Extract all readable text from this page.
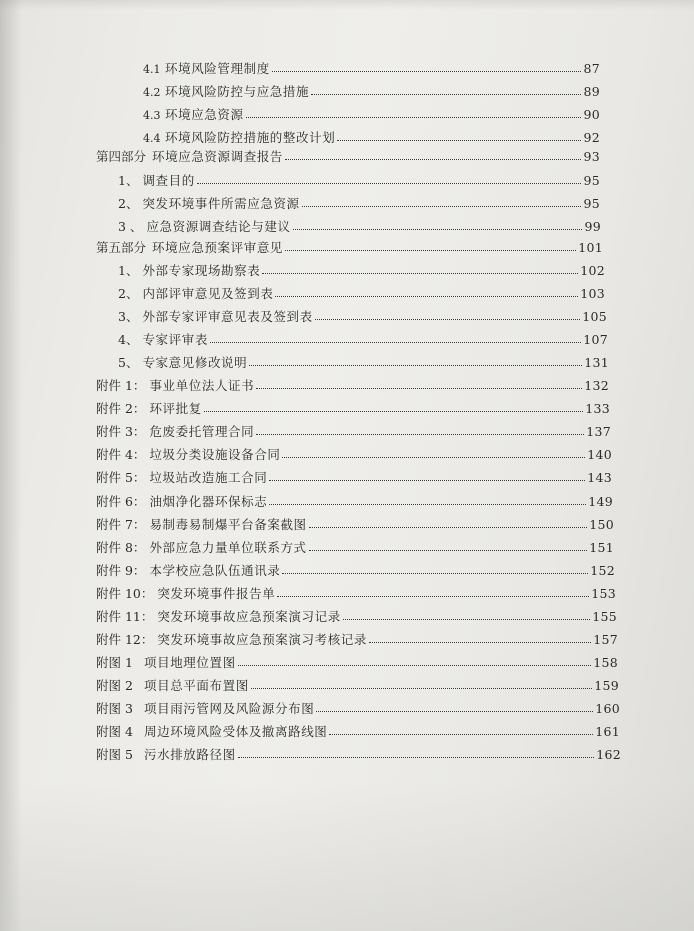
4.1 环境风险管理制度	87
4.2 环境风险防控与应急措施	89
4.3 环境应急资源	90
4.4 环境风险防控措施的整改计划	92
第四部分 环境应急资源调查报告	93
1、 调查目的	95
2、 突发环境事件所需应急资源	95
3 、 应急资源调查结论与建议	99
第五部分 环境应急预案评审意见	101
1、 外部专家现场勘察表	102
2、 内部评审意见及签到表	103
3、 外部专家评审意见表及签到表	105
4、 专家评审表	107
5、 专家意见修改说明	131
附件 1： 事业单位法人证书	132
附件 2： 环评批复	133
附件 3： 危废委托管理合同	137
附件 4： 垃圾分类设施设备合同	140
附件 5： 垃圾站改造施工合同	143
附件 6： 油烟净化器环保标志	149
附件 7： 易制毒易制爆平台备案截图	150
附件 8： 外部应急力量单位联系方式	151
附件 9： 本学校应急队伍通讯录	152
附件 10： 突发环境事件报告单	153
附件 11： 突发环境事故应急预案演习记录	155
附件 12： 突发环境事故应急预案演习考核记录	157
附图 1 项目地理位置图	158
附图 2 项目总平面布置图	159
附图 3 项目雨污管网及风险源分布图	160
附图 4 周边环境风险受体及撤离路线图	161
附图 5 污水排放路径图	162
